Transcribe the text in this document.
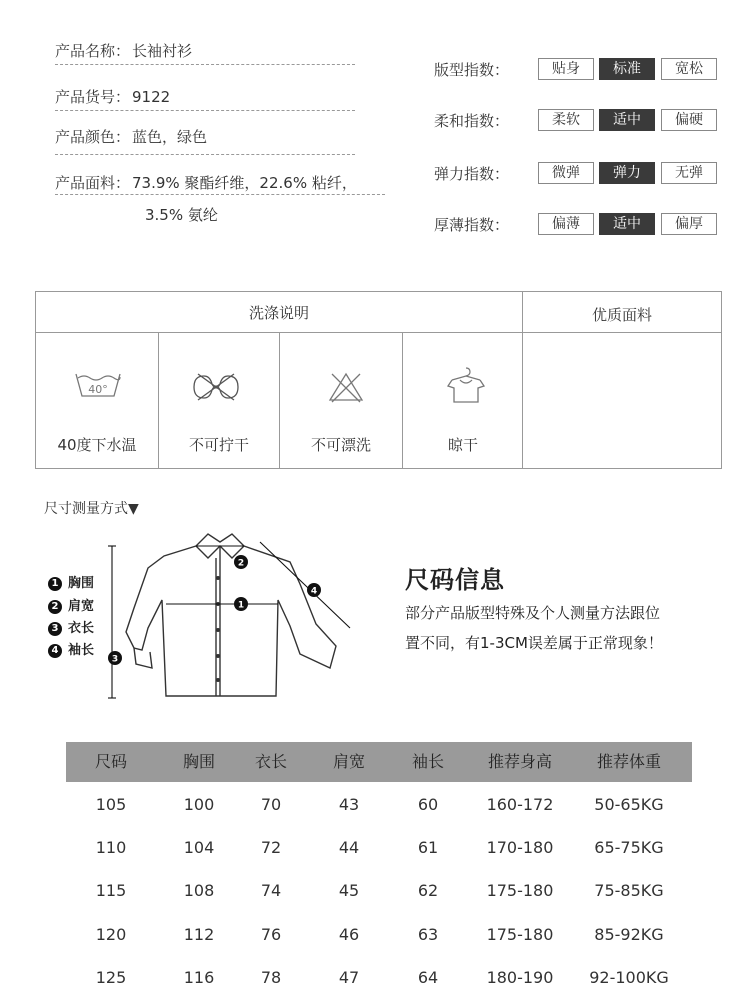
产品名称： 长袖衬衫
产品货号： 9122
产品颜色： 蓝色，绿色
产品面料： 73.9% 聚酯纤维，22.6% 粘纤，
3.5% 氨纶
版型指数：	贴身	标准	宽松
柔和指数：	柔软	适中	偏硬
弹力指数：	微弹	弹力	无弹
厚薄指数：	偏薄	适中	偏厚
洗涤说明	优质面料
40°
40度下水温	不可拧干	不可漂洗	晾干
尺寸测量方式▼
1 胸围
2 肩宽
3 衣长
4 袖长
1
2
3
4	尺码信息
部分产品版型特殊及个人测量方法跟位
置不同，有1-3CM误差属于正常现象！
尺码	胸围	衣长	肩宽	袖长	推荐身高	推荐体重
105	100	70	43	60	160-172	50-65KG
110	104	72	44	61	170-180	65-75KG
115	108	74	45	62	175-180	75-85KG
120	112	76	46	63	175-180	85-92KG
125	116	78	47	64	180-190	92-100KG
